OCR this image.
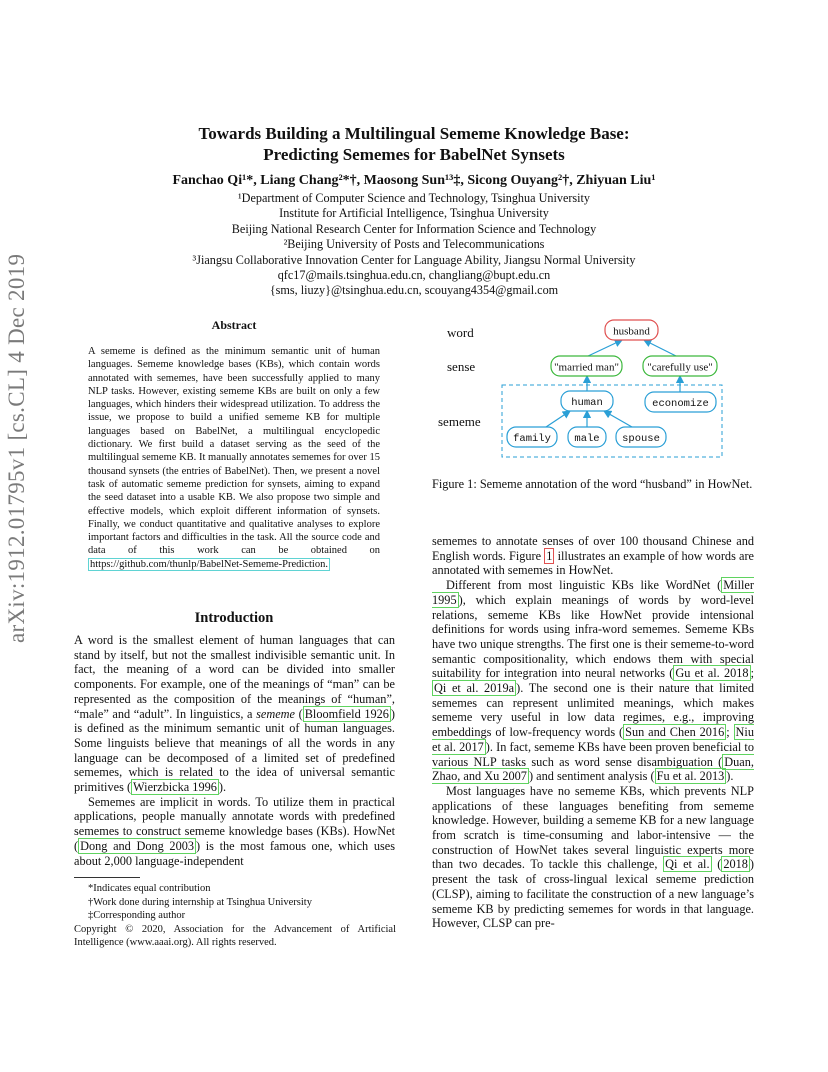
arXiv:1912.01795v1 [cs.CL] 4 Dec 2019
Towards Building a Multilingual Sememe Knowledge Base:
Predicting Sememes for BabelNet Synsets
Fanchao Qi¹*, Liang Chang²*†, Maosong Sun¹³‡, Sicong Ouyang²†, Zhiyuan Liu¹
¹Department of Computer Science and Technology, Tsinghua University
Institute for Artificial Intelligence, Tsinghua University
Beijing National Research Center for Information Science and Technology
²Beijing University of Posts and Telecommunications
³Jiangsu Collaborative Innovation Center for Language Ability, Jiangsu Normal University
qfc17@mails.tsinghua.edu.cn, changliang@bupt.edu.cn
{sms, liuzy}@tsinghua.edu.cn, scouyang4354@gmail.com
Abstract
A sememe is defined as the minimum semantic unit of human languages. Sememe knowledge bases (KBs), which contain words annotated with sememes, have been successfully applied to many NLP tasks. However, existing sememe KBs are built on only a few languages, which hinders their widespread utilization. To address the issue, we propose to build a unified sememe KB for multiple languages based on BabelNet, a multilingual encyclopedic dictionary. We first build a dataset serving as the seed of the multilingual sememe KB. It manually annotates sememes for over 15 thousand synsets (the entries of BabelNet). Then, we present a novel task of automatic sememe prediction for synsets, aiming to expand the seed dataset into a usable KB. We also propose two simple and effective models, which exploit different information of synsets. Finally, we conduct quantitative and qualitative analyses to explore important factors and difficulties in the task. All the source code and data of this work can be obtained on https://github.com/thunlp/BabelNet-Sememe-Prediction.
Introduction
A word is the smallest element of human languages that can stand by itself, but not the smallest indivisible semantic unit. In fact, the meaning of a word can be divided into smaller components. For example, one of the meanings of “man” can be represented as the composition of the meanings of “human”, “male” and “adult”. In linguistics, a sememe ( Bloomfield 1926 ) is defined as the minimum semantic unit of human languages. Some linguists believe that meanings of all the words in any language can be decomposed of a limited set of predefined sememes, which is related to the idea of universal semantic primitives ( Wierzbicka 1996 ).
Sememes are implicit in words. To utilize them in practical applications, people manually annotate words with predefined sememes to construct sememe knowledge bases (KBs). HowNet ( Dong and Dong 2003 ) is the most famous one, which uses about 2,000 language-independent
*Indicates equal contribution
†Work done during internship at Tsinghua University
‡Corresponding author
Copyright © 2020, Association for the Advancement of Artificial Intelligence (www.aaai.org). All rights reserved.
word
sense
sememe
husband
"married man"	"carefully use"
human	economize
family male spouse
Figure 1: Sememe annotation of the word “husband” in HowNet.
sememes to annotate senses of over 100 thousand Chinese and English words. Figure 1 illustrates an example of how words are annotated with sememes in HowNet.
Different from most linguistic KBs like WordNet ( Miller 1995 ), which explain meanings of words by word-level relations, sememe KBs like HowNet provide intensional definitions for words using infra-word sememes. Sememe KBs have two unique strengths. The first one is their sememe-to-word semantic compositionality, which endows them with special suitability for integration into neural networks ( Gu et al. 2018 ; Qi et al. 2019a ). The second one is their nature that limited sememes can represent unlimited meanings, which makes sememe very useful in low data regimes, e.g., improving embeddings of low-frequency words ( Sun and Chen 2016 ; Niu et al. 2017 ). In fact, sememe KBs have been proven beneficial to various NLP tasks such as word sense disambiguation ( Duan, Zhao, and Xu 2007 ) and sentiment analysis ( Fu et al. 2013 ).
Most languages have no sememe KBs, which prevents NLP applications of these languages benefiting from sememe knowledge. However, building a sememe KB for a new language from scratch is time-consuming and labor-intensive — the construction of HowNet takes several linguistic experts more than two decades. To tackle this challenge, Qi et al. ( 2018 ) present the task of cross-lingual lexical sememe prediction (CLSP), aiming to facilitate the construction of a new language’s sememe KB by predicting sememes for words in that language. However, CLSP can pre-
